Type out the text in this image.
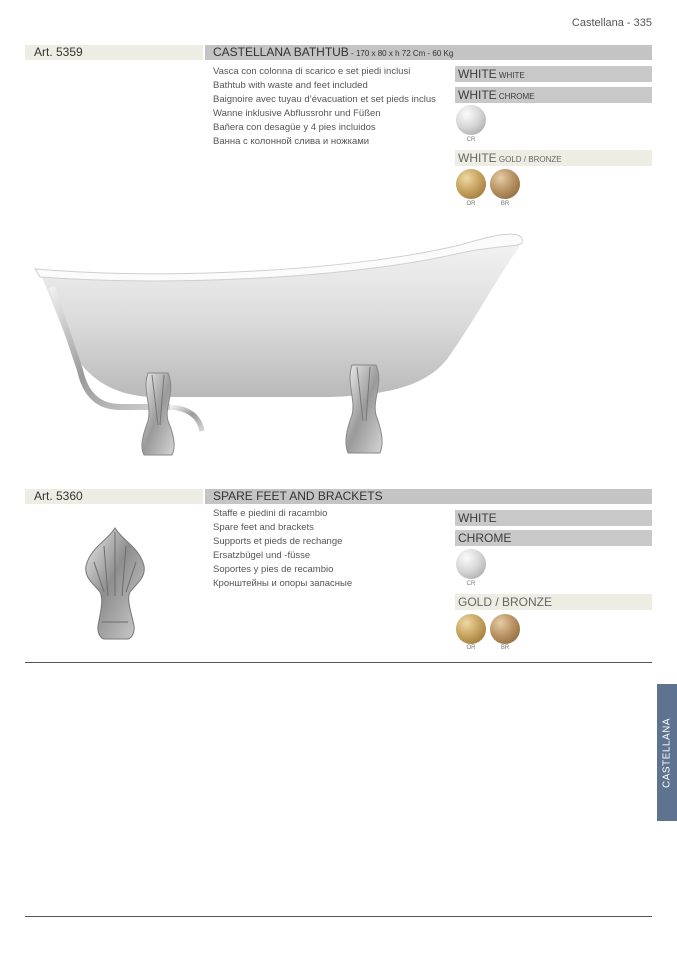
Castellana - 335
Art. 5359	CASTELLANA BATHTUB - 170 x 80 x h 72 Cm - 60 Kg
Vasca con colonna di scarico e set piedi inclusi
Bathtub with waste and feet included
Baignoire avec tuyau d’évacuation et set pieds inclus
Wanne inklusive Abflussrohr und Füßen
Bañera con desagüe y 4 pies incluidos
Ванна с колонной слива и ножками
WHITE WHITE
WHITE CHROME
CR
WHITE GOLD / BRONZE
OR	BR
Art. 5360	SPARE FEET AND BRACKETS
Staffe e piedini di racambio
Spare feet and brackets
Supports et pieds de rechange
Ersatzbügel und -füsse
Soportes y pies de recambio
Кронштейны и опоры запасные
WHITE
CHROME
CR
GOLD / BRONZE
OR	BR
CASTELLANA
